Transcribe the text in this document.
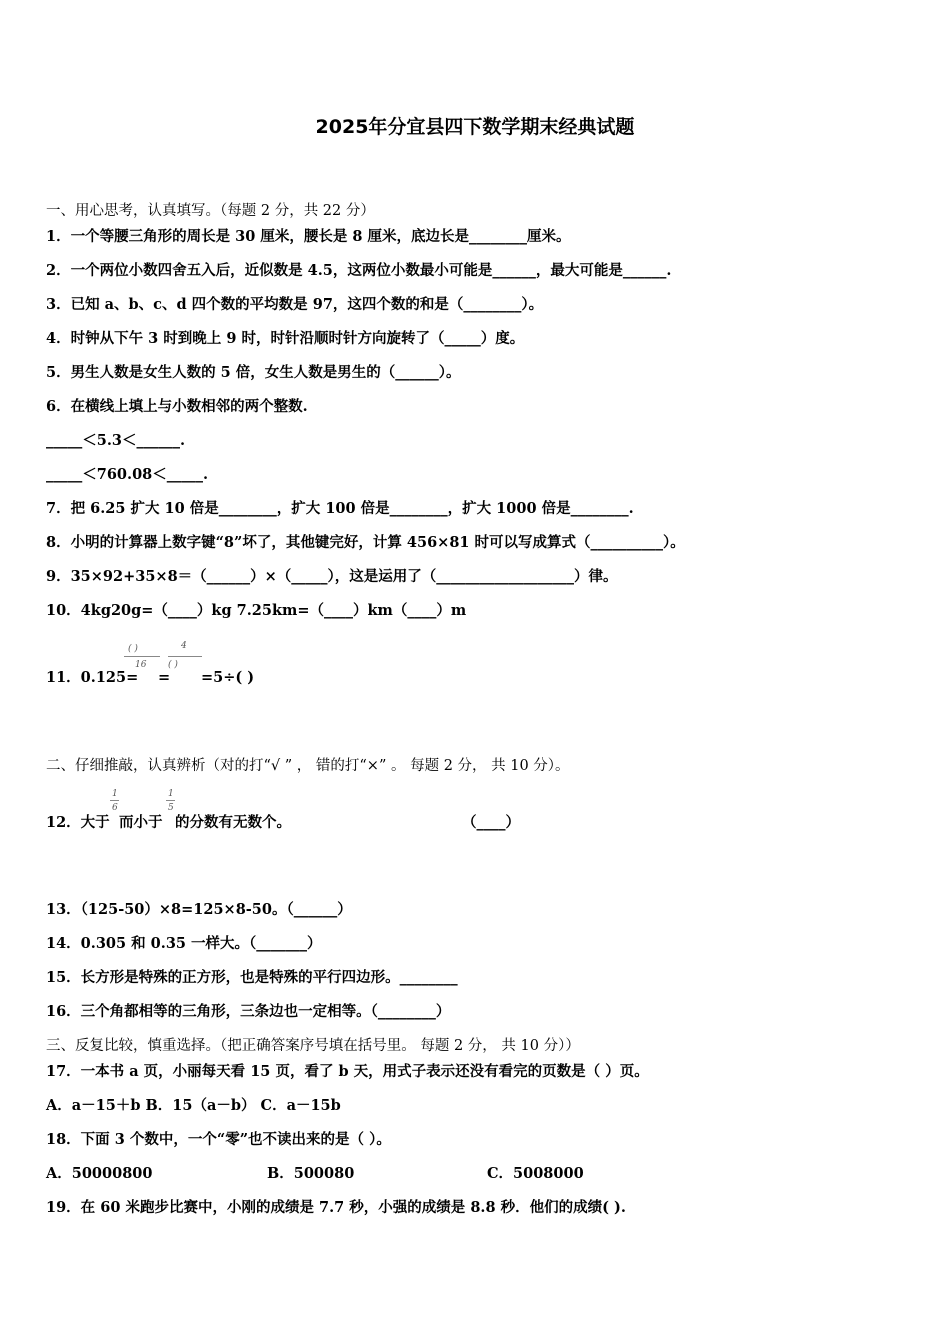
2025年分宜县四下数学期末经典试题
一、用心思考，认真填写。（每题 2 分，共 22 分）
1．一个等腰三角形的周长是 30 厘米，腰长是 8 厘米，底边长是________厘米。
2．一个两位小数四舍五入后，近似数是 4.5，这两位小数最小可能是______，最大可能是______.
3．已知 a、b、c、d 四个数的平均数是 97，这四个数的和是（________）。
4．时钟从下午 3 时到晚上 9 时，时针沿顺时针方向旋转了（_____）度。
5．男生人数是女生人数的 5 倍，女生人数是男生的（______）。
6．在横线上填上与小数相邻的两个整数.
_____＜5.3＜______.
_____＜760.08＜_____.
7．把 6.25 扩大 10 倍是________，扩大 100 倍是________，扩大 1000 倍是________.
8．小明的计算器上数字键“8”坏了，其他键完好，计算 456×81 时可以写成算式（__________）。
9．35×92+35×8＝（______）×（_____），这是运用了（___________________）律。
10．4kg20g=（____）kg 7.25km=（____）km（____）m
11．0.125=
( )
16
=
4
( )
=5÷( )
二、仔细推敲，认真辨析（对的打“√ ” ， 错的打“×” 。 每题 2 分， 共 10 分）。
12．大于
1
6
而小于
1
5
的分数有无数个。	（____）
13．（125-50）×8=125×8-50。（______）
14．0.305 和 0.35 一样大。（_______）
15．长方形是特殊的正方形，也是特殊的平行四边形。________
16．三个角都相等的三角形，三条边也一定相等。（________）
三、反复比较，慎重选择。（把正确答案序号填在括号里。 每题 2 分， 共 10 分））
17．一本书 a 页，小丽每天看 15 页，看了 b 天，用式子表示还没有看完的页数是（ ）页。
A．a－15＋b B．15（a－b） C．a－15b
18．下面 3 个数中，一个“零”也不读出来的是（ ）。
A．50000800	B．500080	C．5008000
19．在 60 米跑步比赛中，小刚的成绩是 7.7 秒，小强的成绩是 8.8 秒．他们的成绩( ).
